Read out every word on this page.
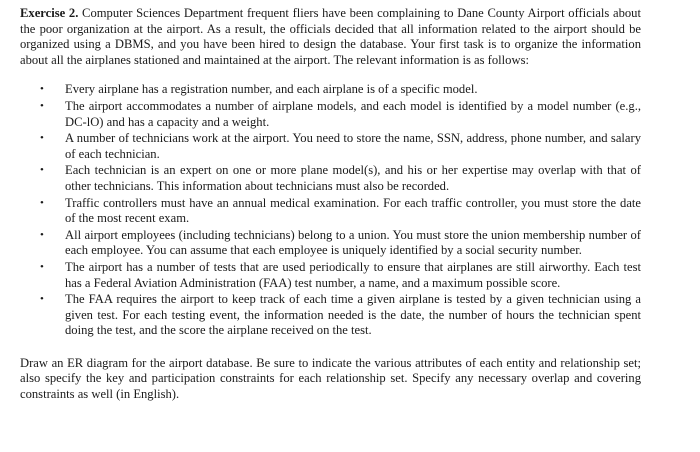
Exercise 2. Computer Sciences Department frequent fliers have been complaining to Dane County Airport officials about the poor organization at the airport. As a result, the officials decided that all information related to the airport should be organized using a DBMS, and you have been hired to design the database. Your first task is to organize the information about all the airplanes stationed and maintained at the airport. The relevant information is as follows:

• Every airplane has a registration number, and each airplane is of a specific model.
• The airport accommodates a number of airplane models, and each model is identified by a model number (e.g., DC-lO) and has a capacity and a weight.
• A number of technicians work at the airport. You need to store the name, SSN, address, phone number, and salary of each technician.
• Each technician is an expert on one or more plane model(s), and his or her expertise may overlap with that of other technicians. This information about technicians must also be recorded.
• Traffic controllers must have an annual medical examination. For each traffic controller, you must store the date of the most recent exam.
• All airport employees (including technicians) belong to a union. You must store the union membership number of each employee. You can assume that each employee is uniquely identified by a social security number.
• The airport has a number of tests that are used periodically to ensure that airplanes are still airworthy. Each test has a Federal Aviation Administration (FAA) test number, a name, and a maximum possible score.
• The FAA requires the airport to keep track of each time a given airplane is tested by a given technician using a given test. For each testing event, the information needed is the date, the number of hours the technician spent doing the test, and the score the airplane received on the test.

Draw an ER diagram for the airport database. Be sure to indicate the various attributes of each entity and relationship set; also specify the key and participation constraints for each relationship set. Specify any necessary overlap and covering constraints as well (in English).
